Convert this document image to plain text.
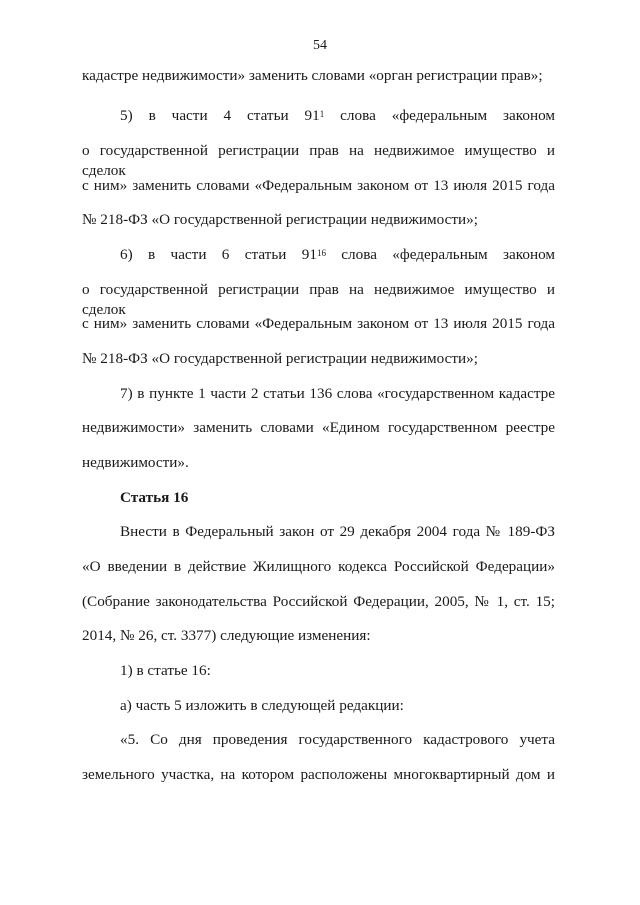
54
кадастре недвижимости» заменить словами «орган регистрации прав»;
5) в части 4 статьи $91^1$ слова «федеральным законом
о государственной регистрации прав на недвижимое имущество и сделок
с ним» заменить словами «Федеральным законом от 13 июля 2015 года
№ 218-ФЗ «О государственной регистрации недвижимости»;
6) в части 6 статьи $91^{16}$ слова «федеральным законом
о государственной регистрации прав на недвижимое имущество и сделок
с ним» заменить словами «Федеральным законом от 13 июля 2015 года
№ 218-ФЗ «О государственной регистрации недвижимости»;
7) в пункте 1 части 2 статьи 136 слова «государственном кадастре
недвижимости» заменить словами «Едином государственном реестре
недвижимости».
Статья 16
Внести в Федеральный закон от 29 декабря 2004 года № 189-ФЗ
«О введении в действие Жилищного кодекса Российской Федерации»
(Собрание законодательства Российской Федерации, 2005, № 1, ст. 15;
2014, № 26, ст. 3377) следующие изменения:
1) в статье 16:
а) часть 5 изложить в следующей редакции:
«5. Со дня проведения государственного кадастрового учета
земельного участка, на котором расположены многоквартирный дом и
